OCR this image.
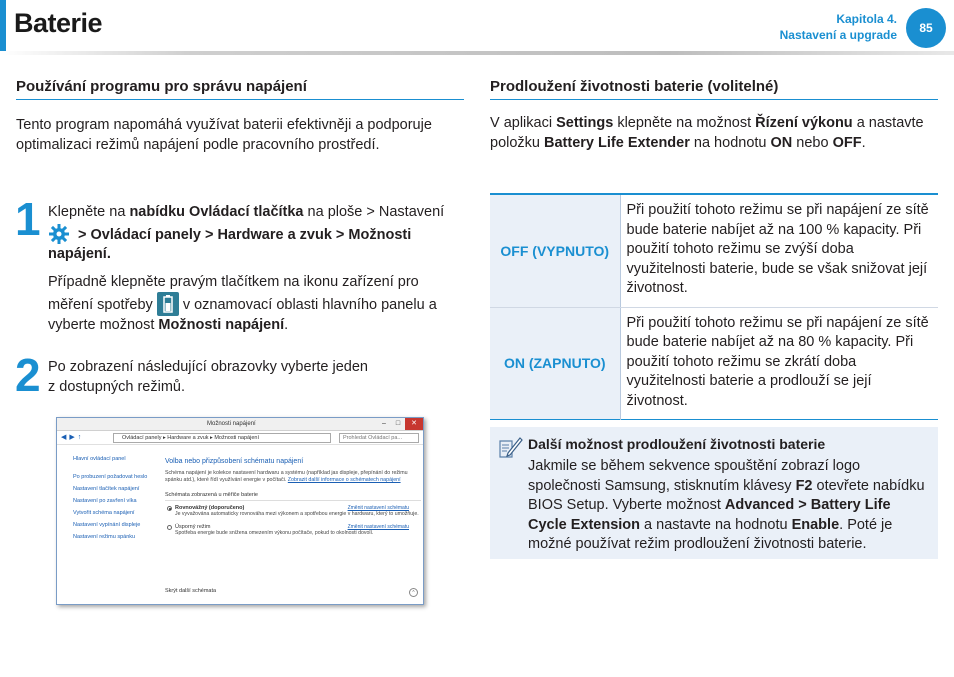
Baterie	Kapitola 4.
Nastavení a upgrade	85
Používání programu pro správu napájení
Tento program napomáhá využívat baterii efektivněji a podporuje optimalizaci režimů napájení podle pracovního prostředí.
1 Klepněte na nabídku Ovládací tlačítka na ploše > Nastavení
> Ovládací panely > Hardware a zvuk > Možnosti napájení.
Případně klepněte pravým tlačítkem na ikonu zařízení pro měření spotřeby  v oznamovací oblasti hlavního panelu a vyberte možnost Možnosti napájení.
2 Po zobrazení následující obrazovky vyberte jeden
z dostupných režimů.
Možnosti napájení	–	□	✕
◀▶↑	Ovládací panely ▸ Hardware a zvuk ▸ Možnosti napájení	Prohledat Ovládací pa...
Hlavní ovládací panel
Po probuzení požadovat heslo
Nastavení tlačítek napájení
Nastavení po zavření víka
Vytvořit schéma napájení
Nastavení vypínání displeje
Nastavení režimu spánku
Volba nebo přizpůsobení schématu napájení
Schéma napájení je kolekce nastavení hardwaru a systému (například jas displeje, přepínání do režimu spánku atd.), které řídí využívání energie v počítači. Zobrazit další informace o schématech napájení
Schémata zobrazená u měřiče baterie
Rovnovážný (doporučeno)	Změnit nastavení schématu
Je vyvažována automaticky rovnováha mezi výkonem a spotřebou energie v hardwaru, který to umožňuje.
Úsporný režim	Změnit nastavení schématu
Spotřeba energie bude snížena omezením výkonu počítače, pokud to okolnosti dovolí.
Skrýt další schémata	⌃
Prodloužení životnosti baterie (volitelné)
V aplikaci Settings klepněte na možnost Řízení výkonu a nastavte položku Battery Life Extender na hodnotu ON nebo OFF.
OFF (VYPNUTO)	Při použití tohoto režimu se při napájení ze sítě bude baterie nabíjet až na 100 % kapacity. Při použití tohoto režimu se zvýší doba využitelnosti baterie, bude se však snižovat její životnost.
ON (ZAPNUTO)	Při použití tohoto režimu se při napájení ze sítě bude baterie nabíjet až na 80 % kapacity. Při použití tohoto režimu se zkrátí doba využitelnosti baterie a prodlouží se její životnost.
Další možnost prodloužení životnosti baterie
Jakmile se během sekvence spouštění zobrazí logo společnosti Samsung, stisknutím klávesy F2 otevřete nabídku BIOS Setup. Vyberte možnost Advanced > Battery Life Cycle Extension a nastavte na hodnotu Enable. Poté je možné používat režim prodloužení životnosti baterie.
